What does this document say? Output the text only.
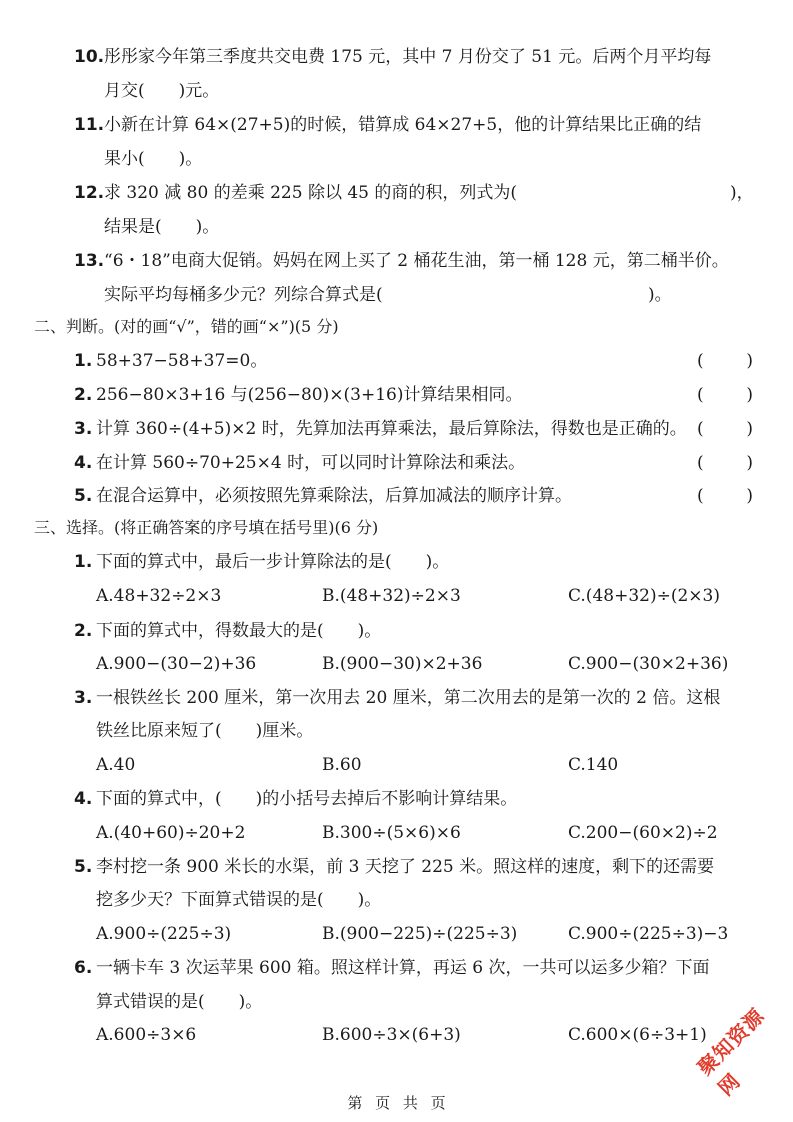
10. 彤彤家今年第三季度共交电费 175 元，其中 7 月份交了 51 元。后两个月平均每
月交(　　)元。
11. 小新在计算 64×(27+5)的时候，错算成 64×27+5，他的计算结果比正确的结
果小(　　)。
12. 求 320 减 80 的差乘 225 除以 45 的商的积，列式为(	)，
结果是(　　)。
13. “6・18”电商大促销。妈妈在网上买了 2 桶花生油，第一桶 128 元，第二桶半价。
实际平均每桶多少元？列综合算式是(	)。
二、判断。(对的画“√”，错的画“×”)(5 分)
1. 58+37−58+37=0。	(	)
2. 256−80×3+16 与(256−80)×(3+16)计算结果相同。	(	)
3. 计算 360÷(4+5)×2 时，先算加法再算乘法，最后算除法，得数也是正确的。 (	)
4. 在计算 560÷70+25×4 时，可以同时计算除法和乘法。	(	)
5. 在混合运算中，必须按照先算乘除法，后算加减法的顺序计算。	(	)
三、选择。(将正确答案的序号填在括号里)(6 分)
1. 下面的算式中，最后一步计算除法的是(　　)。
A.48+32÷2×3	B.(48+32)÷2×3	C.(48+32)÷(2×3)
2. 下面的算式中，得数最大的是(　　)。
A.900−(30−2)+36	B.(900−30)×2+36	C.900−(30×2+36)
3. 一根铁丝长 200 厘米，第一次用去 20 厘米，第二次用去的是第一次的 2 倍。这根
铁丝比原来短了(　　)厘米。
A.40	B.60	C.140
4. 下面的算式中，(　　)的小括号去掉后不影响计算结果。
A.(40+60)÷20+2	B.300÷(5×6)×6	C.200−(60×2)÷2
5. 李村挖一条 900 米长的水渠，前 3 天挖了 225 米。照这样的速度，剩下的还需要
挖多少天？下面算式错误的是(　　)。
A.900÷(225÷3)	B.(900−225)÷(225÷3)	C.900÷(225÷3)−3
6. 一辆卡车 3 次运苹果 600 箱。照这样计算，再运 6 次，一共可以运多少箱？下面
算式错误的是(　　)。
A.600÷3×6	B.600÷3×(6+3)	C.600×(6÷3+1)
第 页 共 页
聚知资源网
